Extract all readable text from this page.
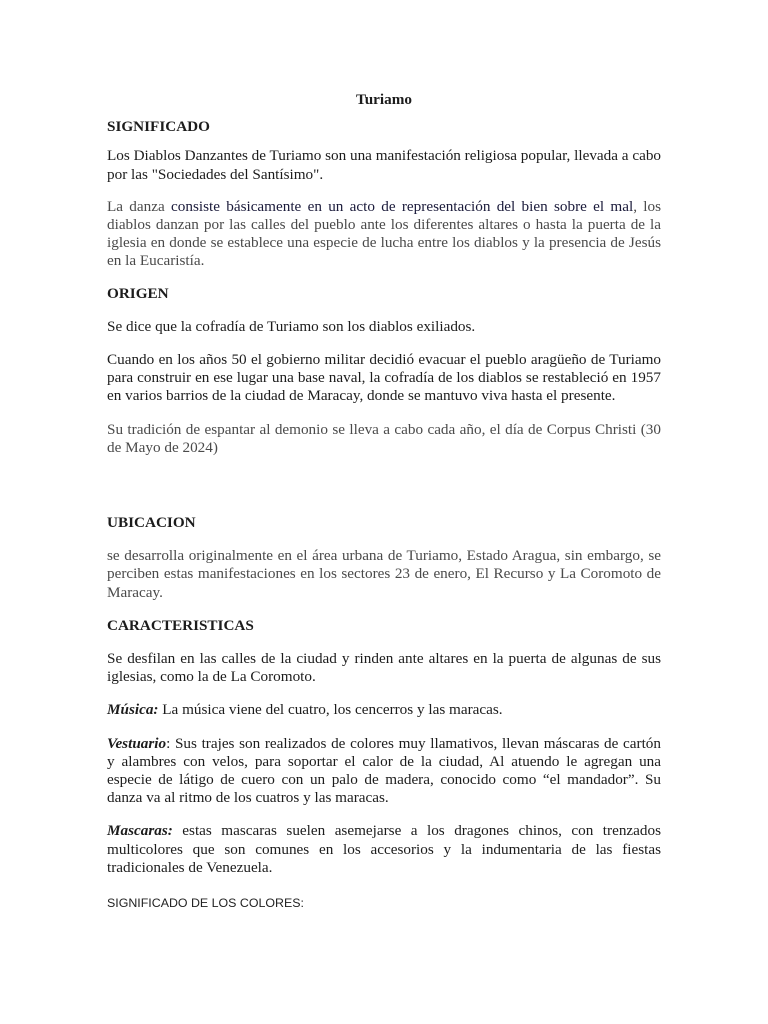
Turiamo

SIGNIFICADO

Los Diablos Danzantes de Turiamo son una manifestación religiosa popular, llevada a cabo por las "Sociedades del Santísimo".

La danza consiste básicamente en un acto de representación del bien sobre el mal, los diablos danzan por las calles del pueblo ante los diferentes altares o hasta la puerta de la iglesia en donde se establece una especie de lucha entre los diablos y la presencia de Jesús en la Eucaristía.

ORIGEN

Se dice que la cofradía de Turiamo son los diablos exiliados.

Cuando en los años 50 el gobierno militar decidió evacuar el pueblo aragüeño de Turiamo para construir en ese lugar una base naval, la cofradía de los diablos se restableció en 1957 en varios barrios de la ciudad de Maracay, donde se mantuvo viva hasta el presente.

Su tradición de espantar al demonio se lleva a cabo cada año, el día de Corpus Christi (30 de Mayo de 2024)

UBICACION

se desarrolla originalmente en el área urbana de Turiamo, Estado Aragua, sin embargo, se perciben estas manifestaciones en los sectores 23 de enero, El Recurso y La Coromoto de Maracay.

CARACTERISTICAS

Se desfilan en las calles de la ciudad y rinden ante altares en la puerta de algunas de sus iglesias, como la de La Coromoto.

Música: La música viene del cuatro, los cencerros y las maracas.

Vestuario: Sus trajes son realizados de colores muy llamativos, llevan máscaras de cartón y alambres con velos, para soportar el calor de la ciudad, Al atuendo le agregan una especie de látigo de cuero con un palo de madera, conocido como “el mandador”. Su danza va al ritmo de los cuatros y las maracas.

Mascaras: estas mascaras suelen asemejarse a los dragones chinos, con trenzados multicolores que son comunes en los accesorios y la indumentaria de las fiestas tradicionales de Venezuela.

SIGNIFICADO DE LOS COLORES:
